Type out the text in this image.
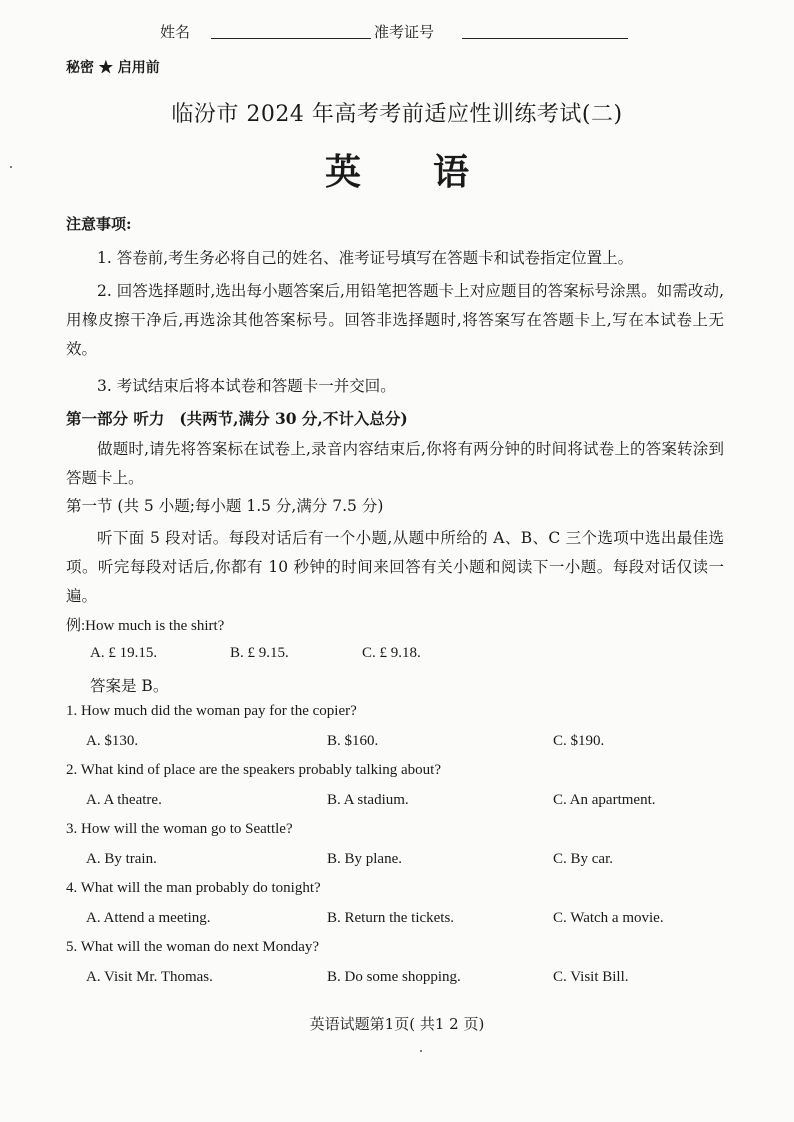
姓名	准考证号
秘密 ★ 启用前
临汾市 2024 年高考考前适应性训练考试(二)
英语
注意事项:
1. 答卷前,考生务必将自己的姓名、准考证号填写在答题卡和试卷指定位置上。
2. 回答选择题时,选出每小题答案后,用铅笔把答题卡上对应题目的答案标号涂黑。如需改动,用橡皮擦干净后,再选涂其他答案标号。回答非选择题时,将答案写在答题卡上,写在本试卷上无效。
3. 考试结束后将本试卷和答题卡一并交回。
第一部分 听力 (共两节,满分 30 分,不计入总分)
做题时,请先将答案标在试卷上,录音内容结束后,你将有两分钟的时间将试卷上的答案转涂到答题卡上。
第一节 (共 5 小题;每小题 1.5 分,满分 7.5 分)
听下面 5 段对话。每段对话后有一个小题,从题中所给的 A、B、C 三个选项中选出最佳选项。听完每段对话后,你都有 10 秒钟的时间来回答有关小题和阅读下一小题。每段对话仅读一遍。
例:How much is the shirt?
A. £ 19.15.	B. £ 9.15.	C. £ 9.18.
答案是 B。
1. How much did the woman pay for the copier?
A. $130.	B. $160.	C. $190.
2. What kind of place are the speakers probably talking about?
A. A theatre.	B. A stadium.	C. An apartment.
3. How will the woman go to Seattle?
A. By train.	B. By plane.	C. By car.
4. What will the man probably do tonight?
A. Attend a meeting.	B. Return the tickets.	C. Watch a movie.
5. What will the woman do next Monday?
A. Visit Mr. Thomas.	B. Do some shopping.	C. Visit Bill.
英语试题第1页( 共1 2 页)
